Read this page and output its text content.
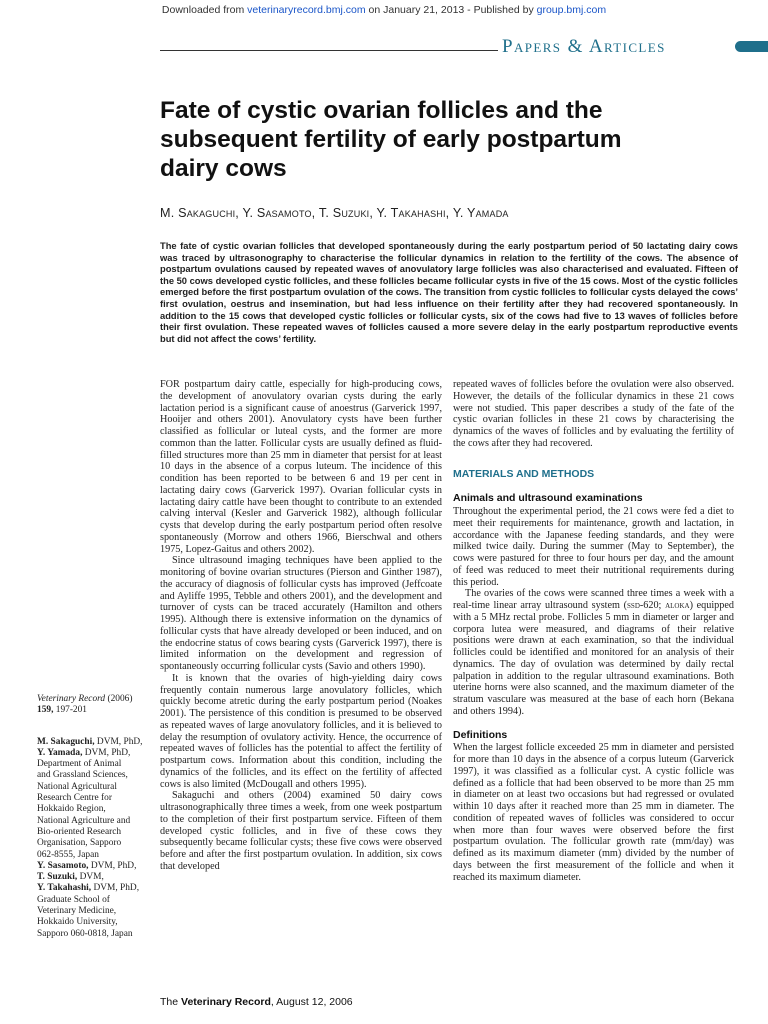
Downloaded from veterinaryrecord.bmj.com on January 21, 2013 - Published by group.bmj.com
Papers & Articles
Fate of cystic ovarian follicles and the subsequent fertility of early postpartum dairy cows
M. Sakaguchi, Y. Sasamoto, T. Suzuki, Y. Takahashi, Y. Yamada

The fate of cystic ovarian follicles that developed spontaneously during the early postpartum period of 50 lactating dairy cows was traced by ultrasonography to characterise the follicular dynamics in relation to the fertility of the cows. The absence of postpartum ovulations caused by repeated waves of anovulatory large follicles was also characterised and evaluated. Fifteen of the 50 cows developed cystic follicles, and these follicles became follicular cysts in five of the 15 cows. Most of the cystic follicles emerged before the first postpartum ovulation of the cows. The transition from cystic follicles to follicular cysts delayed the cows’ first ovulation, oestrus and insemination, but had less influence on their fertility after they had recovered spontaneously. In addition to the 15 cows that developed cystic follicles or follicular cysts, six of the cows had five to 13 waves of follicles before their first ovulation. These repeated waves of follicles caused a more severe delay in the early postpartum reproductive events but did not affect the cows’ fertility.

FOR postpartum dairy cattle, especially for high-producing cows, the development of anovulatory ovarian cysts during the early lactation period is a significant cause of anoestrus (Garverick 1997, Hooijer and others 2001). Anovulatory cysts have been further classified as follicular or luteal cysts, and the former are more common than the latter. Follicular cysts are usually defined as fluid-filled structures more than 25 mm in diameter that persist for at least 10 days in the absence of a corpus luteum. The incidence of this condition has been reported to be between 6 and 19 per cent in lactating dairy cows (Garverick 1997). Ovarian follicular cysts in lactating dairy cattle have been thought to contribute to an extended calving interval (Kesler and Garverick 1982), although follicular cysts that develop during the early postpartum period often resolve spontaneously (Morrow and others 1966, Bierschwal and others 1975, Lopez-Gaitus and others 2002).

Since ultrasound imaging techniques have been applied to the monitoring of bovine ovarian structures (Pierson and Ginther 1987), the accuracy of diagnosis of follicular cysts has improved (Jeffcoate and Ayliffe 1995, Tebble and others 2001), and the development and turnover of cysts can be traced accurately (Hamilton and others 1995). Although there is extensive information on the dynamics of follicular cysts that have already developed or been induced, and on the endocrine status of cows bearing cysts (Garverick 1997), there is limited information on the development and regression of spontaneously occurring follicular cysts (Savio and others 1990).

It is known that the ovaries of high-yielding dairy cows frequently contain numerous large anovulatory follicles, which quickly become atretic during the early postpartum period (Noakes 2001). The persistence of this condition is presumed to be observed as repeated waves of large anovulatory follicles, and it is believed to delay the resumption of ovulatory activity. Hence, the occurrence of repeated waves of follicles has the potential to affect the fertility of postpartum cows. Information about this condition, including the dynamics of the follicles, and its effect on the fertility of affected cows is also limited (McDougall and others 1995).

Sakaguchi and others (2004) examined 50 dairy cows ultrasonographically three times a week, from one week postpartum to the completion of their first postpartum service. Fifteen of them developed cystic follicles, and in five of these cows they subsequently became follicular cysts; these five cows were observed before and after the first postpartum ovulation. In addition, six cows that developed

repeated waves of follicles before the ovulation were also observed. However, the details of the follicular dynamics in these 21 cows were not studied. This paper describes a study of the fate of the cystic ovarian follicles in these 21 cows by characterising the dynamics of the waves of follicles and by evaluating the fertility of the cows after they had recovered.

MATERIALS AND METHODS
Animals and ultrasound examinations

Throughout the experimental period, the 21 cows were fed a diet to meet their requirements for maintenance, growth and lactation, in accordance with the Japanese feeding standards, and they were milked twice daily. During the summer (May to September), the cows were pastured for three to four hours per day, and the amount of feed was reduced to meet their nutritional requirements during this period.

The ovaries of the cows were scanned three times a week with a real-time linear array ultrasound system (ssd-620; aloka) equipped with a 5 MHz rectal probe. Follicles 5 mm in diameter or larger and corpora lutea were measured, and diagrams of their relative positions were drawn at each examination, so that the individual follicles could be identified and monitored for an analysis of their dynamics. The day of ovulation was determined by daily rectal palpation in addition to the regular ultrasound examinations. Both uterine horns were also scanned, and the maximum diameter of the stratum vasculare was measured at the base of each horn (Bekana and others 1994).

Definitions

When the largest follicle exceeded 25 mm in diameter and persisted for more than 10 days in the absence of a corpus luteum (Garverick 1997), it was classified as a follicular cyst. A cystic follicle was defined as a follicle that had been observed to be more than 25 mm in diameter on at least two occasions but had regressed or ovulated within 10 days after it reached more than 25 mm in diameter. The condition of repeated waves of follicles was considered to occur when more than four waves were observed before the first postpartum ovulation. The follicular growth rate (mm/day) was defined as its maximum diameter (mm) divided by the number of days between the first measurement of the follicle and when it reached its maximum diameter.

Veterinary Record (2006)
159, 197-201
M. Sakaguchi, DVM, PhD,
Y. Yamada, DVM, PhD,
Department of Animal
and Grassland Sciences,
National Agricultural
Research Centre for
Hokkaido Region,
National Agriculture and
Bio-oriented Research
Organisation, Sapporo
062-8555, Japan
Y. Sasamoto, DVM, PhD,
T. Suzuki, DVM,
Y. Takahashi, DVM, PhD,
Graduate School of
Veterinary Medicine,
Hokkaido University,
Sapporo 060-0818, Japan
The Veterinary Record, August 12, 2006
